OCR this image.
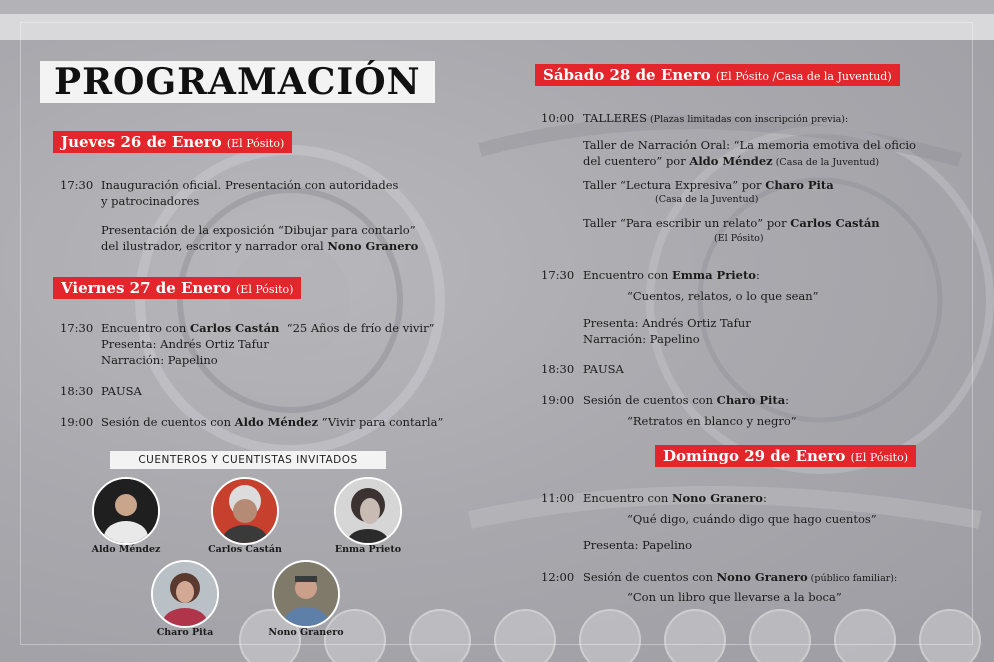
PROGRAMACIÓN
Jueves 26 de Enero (El Pósito)
17:30 Inauguración oficial. Presentación con autoridades
y patrocinadores
Presentación de la exposición “Dibujar para contarlo”
del ilustrador, escritor y narrador oral Nono Granero
Viernes 27 de Enero (El Pósito)
17:30 Encuentro con Carlos Castán  “25 Años de frío de vivir”
Presenta: Andrés Ortiz Tafur
Narración: Papelino
18:30 PAUSA
19:00 Sesión de cuentos con Aldo Méndez “Vivir para contarla”
CUENTEROS Y CUENTISTAS INVITADOS
Aldo Méndez	Carlos Castán	Enma Prieto
Charo Pita	Nono Granero
Sábado 28 de Enero (El Pósito /Casa de la Juventud)
10:00 TALLERES (Plazas limitadas con inscripción previa):
Taller de Narración Oral: “La memoria emotiva del oficio
del cuentero” por Aldo Méndez (Casa de la Juventud)
Taller “Lectura Expresiva” por Charo Pita
(Casa de la Juventud)
Taller “Para escribir un relato” por Carlos Castán
(El Pósito)
17:30 Encuentro con Emma Prieto:
“Cuentos, relatos, o lo que sean”
Presenta: Andrés Ortiz Tafur
Narración: Papelino
18:30 PAUSA
19:00 Sesión de cuentos con Charo Pita:
“Retratos en blanco y negro”
Domingo 29 de Enero (El Pósito)
11:00 Encuentro con Nono Granero:
“Qué digo, cuándo digo que hago cuentos”
Presenta: Papelino
12:00 Sesión de cuentos con Nono Granero (público familiar):
“Con un libro que llevarse a la boca”
